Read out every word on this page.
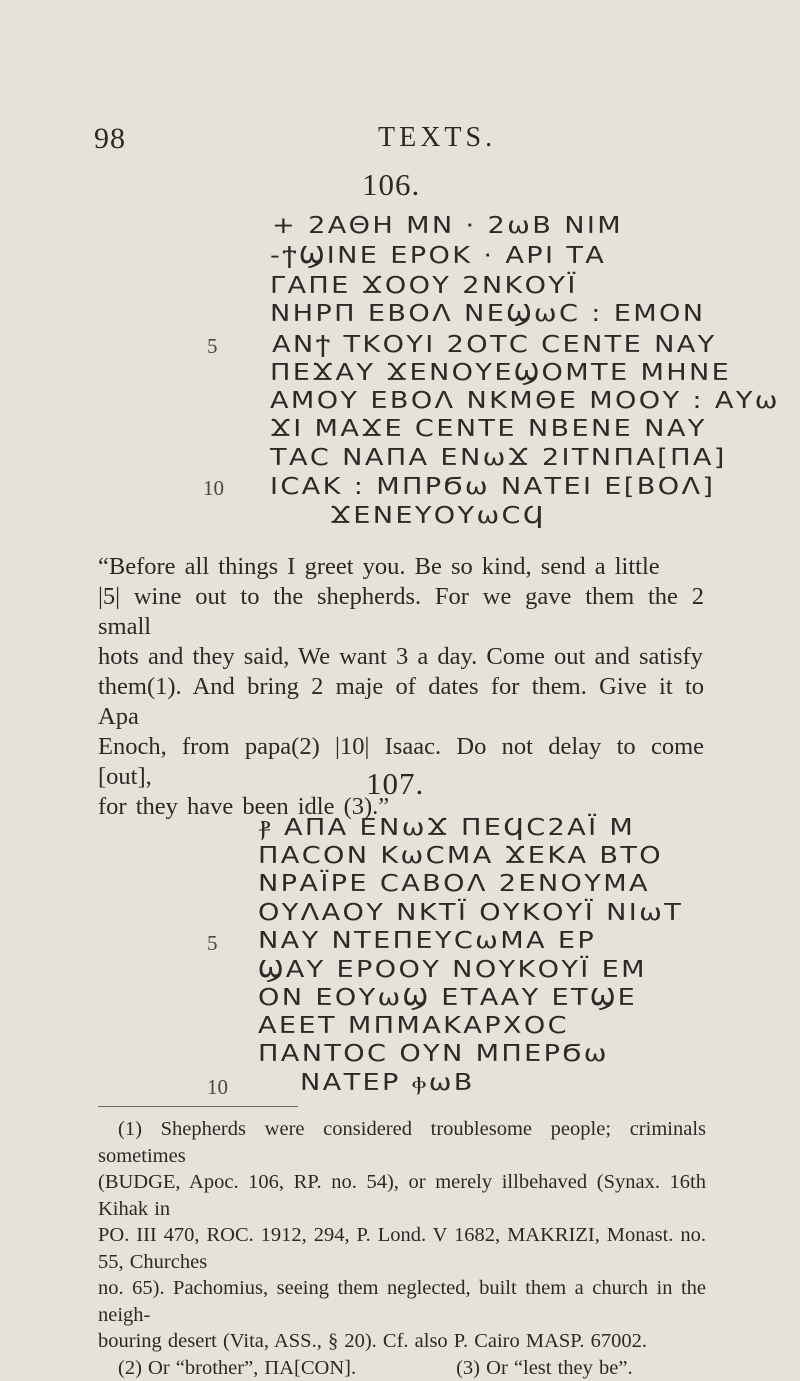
98	TEXTS.
106.
+ 2ΑΘΗ ΜΝ · 2ωΒ ΝΙΜ
-ϯϢΙΝΕ ΕΡΟΚ · ΑΡΙ ΤΑ
ΓΑΠΕ ϪΟΟΥ 2ΝΚΟΥΪ
ΝΗΡΠ ΕΒΟΛ ΝΕϢωϹ : ΕΜΟΝ
5 ΑΝϯ ΤΚΟΥΙ 2ΟΤϹ ϹΕΝΤΕ ΝΑΥ
ΠΕϪΑΥ ϪΕΝΟΥΕϢΟΜΤΕ ΜΗΝΕ
ΑΜΟΥ ΕΒΟΛ ΝΚΜΘΕ ΜΟΟΥ : ΑΥω
ϪΙ ΜΑϪΕ ϹΕΝΤΕ ΝΒΕΝΕ ΝΑΥ
ΤΑϹ ΝΑΠΑ ΕΝωϪ 2ΙΤΝΠΑ[ΠΑ]
10 ΙϹΑΚ : ΜΠΡϬω ΝΑΤΕΙ Ε[ΒΟΛ]
ϪΕΝΕΥΟΥωϹϤ

“Before all things I greet you. Be so kind, send a little

|5| wine out to the shepherds. For we gave them the 2 small

hots and they said, We want 3 a day. Come out and satisfy

them(1). And bring 2 maje of dates for them. Give it to Apa

Enoch, from papa(2) |10| Isaac. Do not delay to come [out],

for they have been idle (3).”

107.
ⳁ ΑΠΑ ΕΝωϪ ΠΕϤϹ2ΑΪ Μ
ΠΑϹΟΝ ΚωϹΜΑ ϪΕΚΑ ΒΤΟ
ΝΡΑΪΡΕ ϹΑΒΟΛ 2ΕΝΟΥΜΑ
ΟΥΛΑΟΥ ΝΚΤΪ ΟΥΚΟΥΪ ΝΙωΤ
5 ΝΑΥ ΝΤΕΠΕΥϹωΜΑ ΕΡ
ϢΑΥ ΕΡΟΟΥ ΝΟΥΚΟΥΪ ΕΜ
ΟΝ ΕΟΥωϢ ΕΤΑΑΥ ΕΤϢΕ
ΑΕΕΤ ΜΠΜΑΚΑΡΧΟϹ
ΠΑΝΤΟϹ ΟΥΝ ΜΠΕΡϬω
10	ΝΑΤΕΡ ⲫωΒ

(1) Shepherds were considered troublesome people; criminals sometimes

(BUDGE, Apoc. 106, RP. no. 54), or merely illbehaved (Synax. 16th Kihak in

PO. III 470, ROC. 1912, 294, P. Lond. V 1682, MAKRIZI, Monast. no. 55, Churches

no. 65). Pachomius, seeing them neglected, built them a church in the neigh-

bouring desert (Vita, ASS., § 20). Cf. also P. Cairo MASP. 67002.

(2) Or “brother”, ΠΑ[ϹΟΝ].	(3) Or “lest they be”.
